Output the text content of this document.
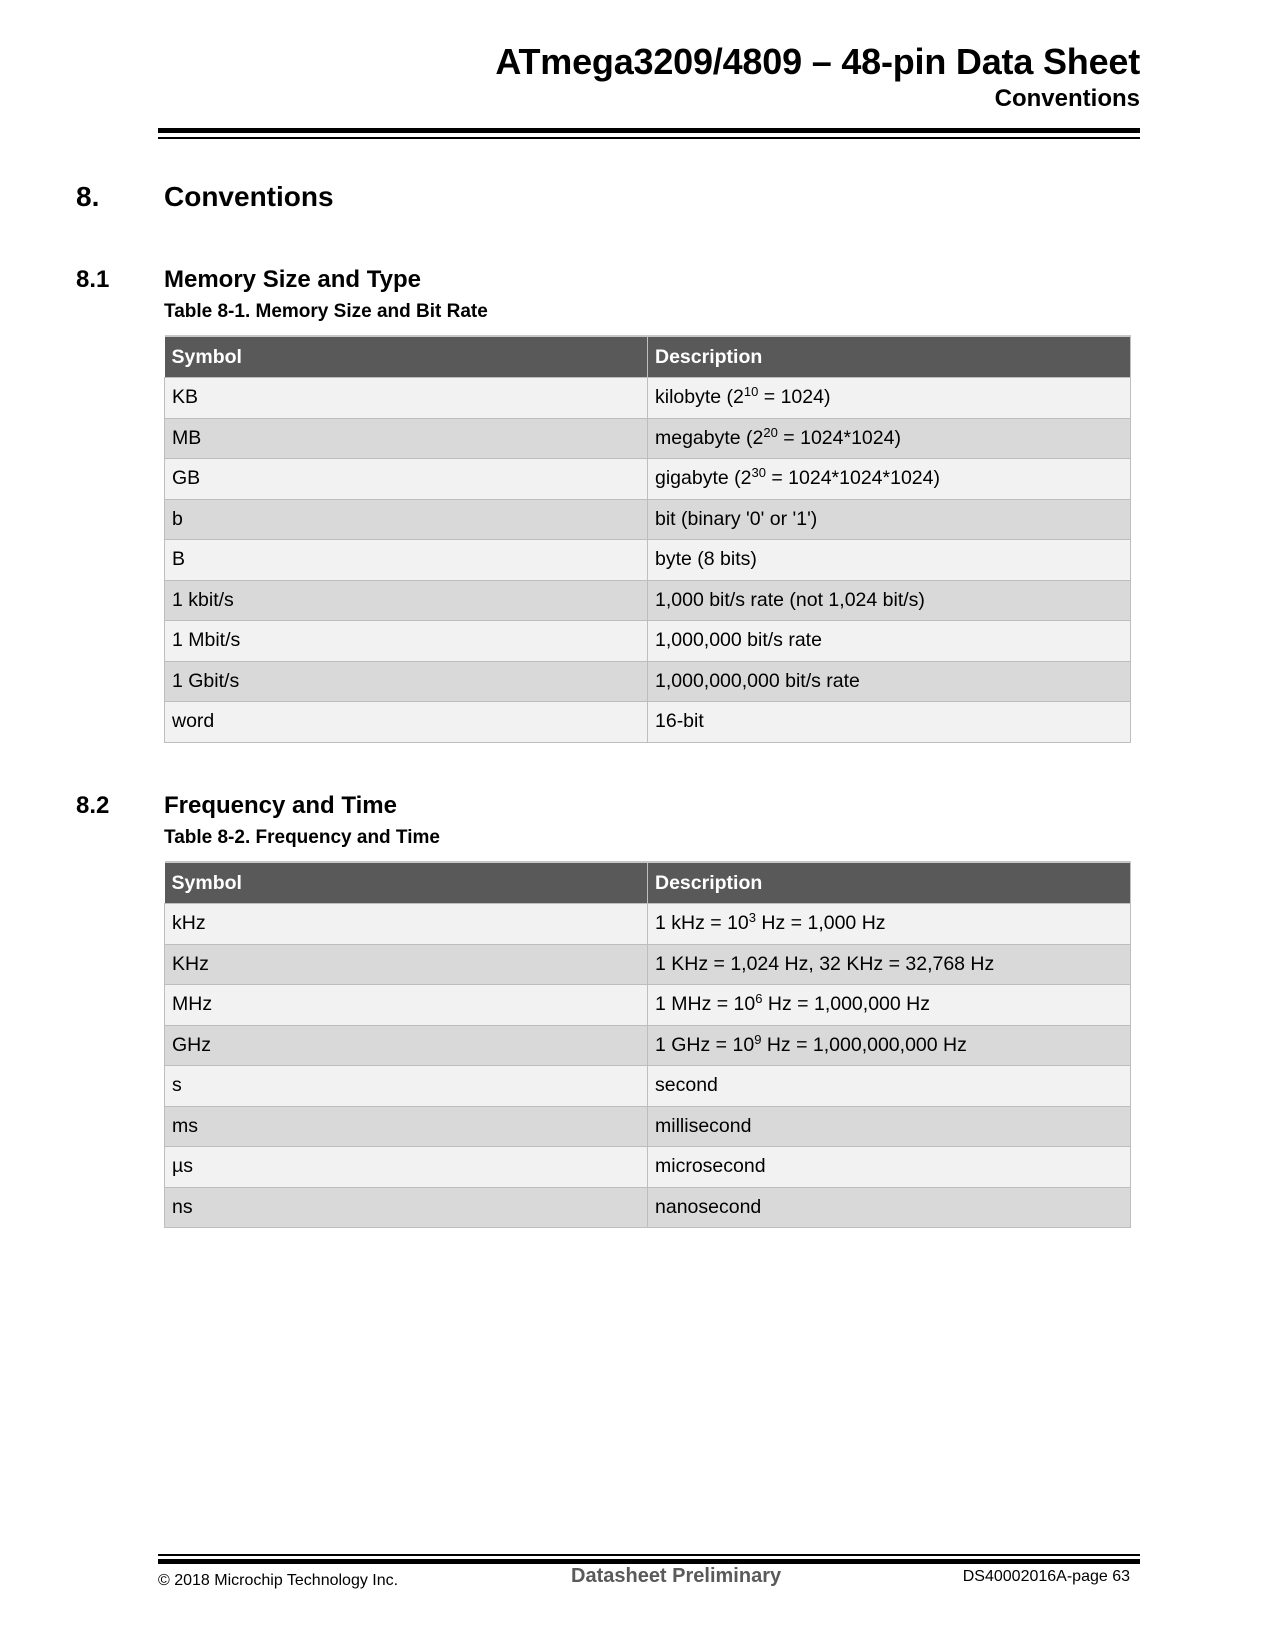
ATmega3209/4809 – 48-pin Data Sheet
Conventions
8. Conventions
8.1 Memory Size and Type
Table 8-1. Memory Size and Bit Rate
Symbol	Description
KB	kilobyte $(2^{10} = 1024)$
MB	megabyte $(2^{20} = 1024*1024)$
GB	gigabyte $(2^{30} = 1024*1024*1024)$
b	bit (binary '0' or '1')
B	byte (8 bits)
1 kbit/s	1,000 bit/s rate (not 1,024 bit/s)
1 Mbit/s	1,000,000 bit/s rate
1 Gbit/s	1,000,000,000 bit/s rate
word	16-bit
8.2 Frequency and Time
Table 8-2. Frequency and Time
Symbol	Description
kHz	1 kHz = $10^3$ Hz = 1,000 Hz
KHz	1 KHz = 1,024 Hz, 32 KHz = 32,768 Hz
MHz	1 MHz = $10^6$ Hz = 1,000,000 Hz
GHz	1 GHz = $10^9$ Hz = 1,000,000,000 Hz
s	second
ms	millisecond
µs	microsecond
ns	nanosecond
© 2018 Microchip Technology Inc.	Datasheet Preliminary	DS40002016A-page 63
